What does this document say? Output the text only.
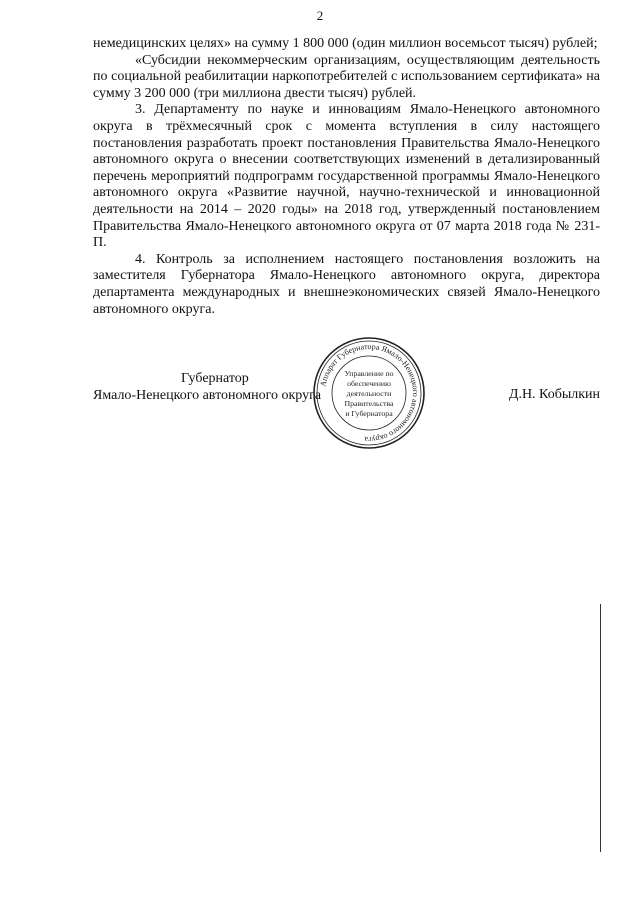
2

немедицинских целях» на сумму 1 800 000 (один миллион восемьсот тысяч) рублей;

«Субсидии некоммерческим организациям, осуществляющим деятельность по социальной реабилитации наркопотребителей с использованием сертификата» на сумму 3 200 000 (три миллиона двести тысяч) рублей.

3. Департаменту по науке и инновациям Ямало-Ненецкого автономного округа в трёхмесячный срок с момента вступления в силу настоящего постановления разработать проект постановления Правительства Ямало-Ненецкого автономного округа о внесении соответствующих изменений в детализированный перечень мероприятий подпрограмм государственной программы Ямало-Ненецкого автономного округа «Развитие научной, научно-технической и инновационной деятельности на 2014 – 2020 годы» на 2018 год, утвержденный постановлением Правительства Ямало-Ненецкого автономного округа от 07 марта 2018 года № 231-П.

4. Контроль за исполнением настоящего постановления возложить на заместителя Губернатора Ямало-Ненецкого автономного округа, директора департамента международных и внешнеэкономических связей Ямало-Ненецкого автономного округа.

Губернатор
Ямало-Ненецкого автономного округа
Аппарат Губернатора Ямало-Ненецкого автономного округа
Управление по
обеспечению
деятельности
Правительства
и Губернатора
Д.Н. Кобылкин
